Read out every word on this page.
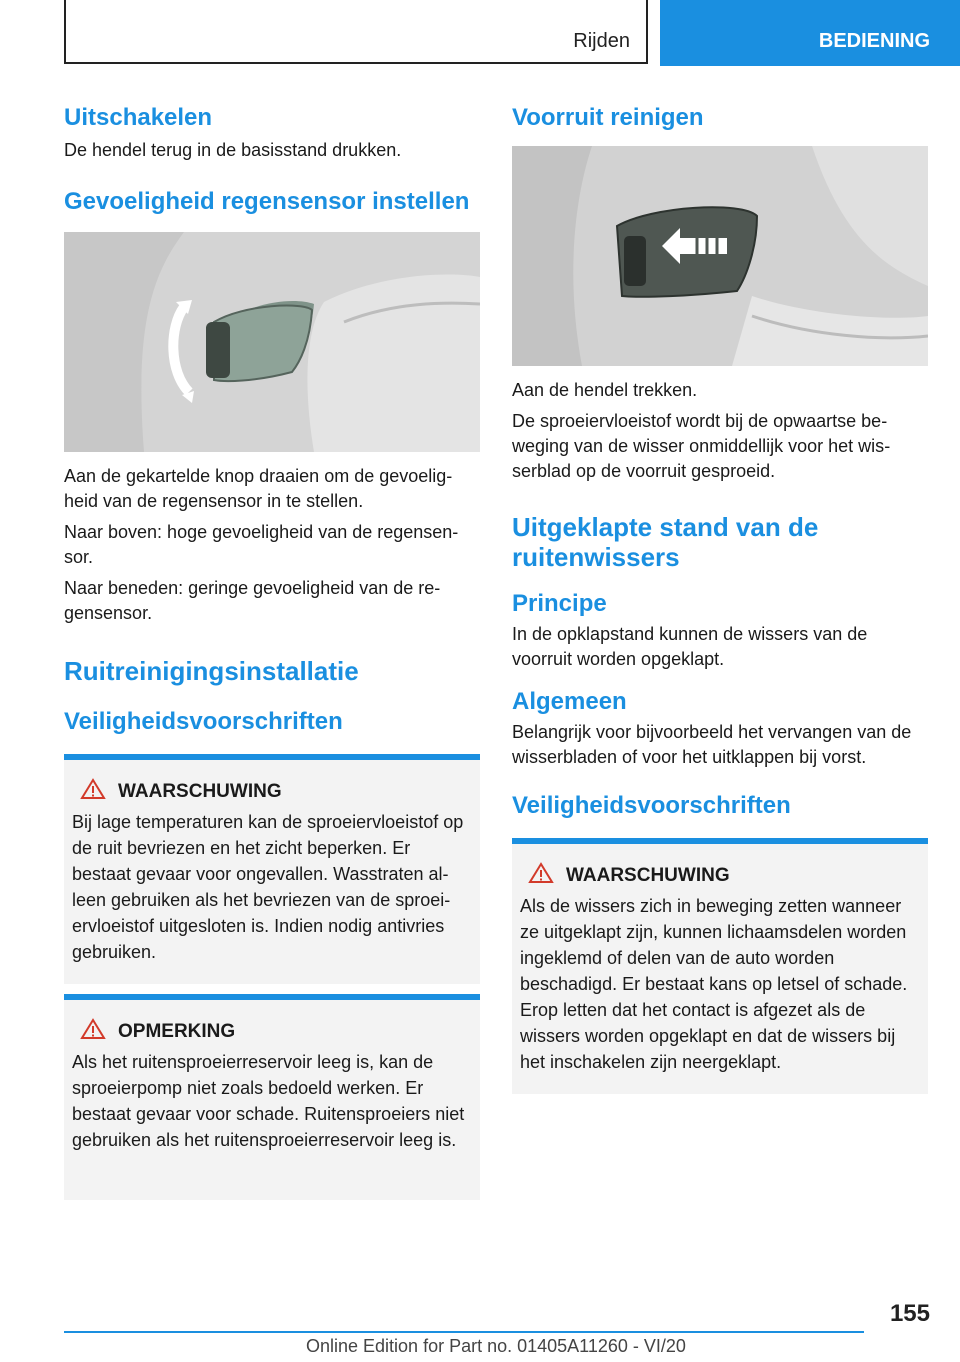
Rijden	BEDIENING
Uitschakelen

De hendel terug in de basisstand drukken.

Gevoeligheid regensensor instellen

Aan de gekartelde knop draaien om de gevoeligheid van de regensensor in te stellen.

Naar boven: hoge gevoeligheid van de regensensor.

Naar beneden: geringe gevoeligheid van de regensensor.

Ruitreinigingsinstallatie
Veiligheidsvoorschriften
WAARSCHUWING
Bij lage temperaturen kan de sproeiervloeistof op de ruit bevriezen en het zicht beperken. Er bestaat gevaar voor ongevallen. Wasstraten alleen gebruiken als het bevriezen van de sproeiervloeistof uitgesloten is. Indien nodig antivries gebruiken.
OPMERKING
Als het ruitensproeierreservoir leeg is, kan de sproeierpomp niet zoals bedoeld werken. Er bestaat gevaar voor schade. Ruitensproeiers niet gebruiken als het ruitensproeierreservoir leeg is.
Voorruit reinigen

Aan de hendel trekken.

De sproeiervloeistof wordt bij de opwaartse beweging van de wisser onmiddellijk voor het wisserblad op de voorruit gesproeid.

Uitgeklapte stand van de ruitenwissers
Principe

In de opklapstand kunnen de wissers van de voorruit worden opgeklapt.

Algemeen

Belangrijk voor bijvoorbeeld het vervangen van de wisserbladen of voor het uitklappen bij vorst.

Veiligheidsvoorschriften
WAARSCHUWING
Als de wissers zich in beweging zetten wanneer ze uitgeklapt zijn, kunnen lichaamsdelen worden ingeklemd of delen van de auto worden beschadigd. Er bestaat kans op letsel of schade. Erop letten dat het contact is afgezet als de wissers worden opgeklapt en dat de wissers bij het inschakelen zijn neergeklapt.
155
Online Edition for Part no. 01405A11260 - VI/20
